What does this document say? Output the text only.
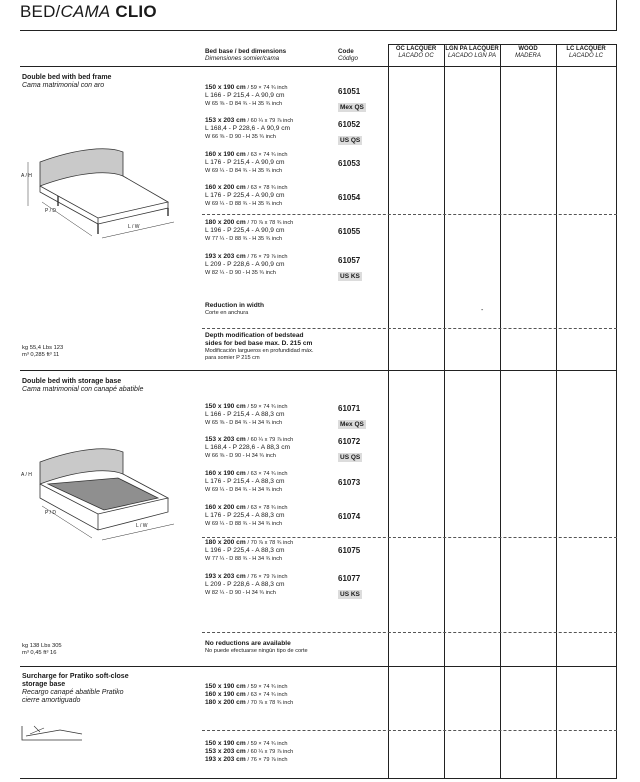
BED/CAMA CLIO
Bed base / bed dimensions
Dimensiones somier/cama
Code
Código
OC LACQUER
LACADO OC
LGN PA LACQUER
LACADO LGN PA
WOOD
MADERA
LC LACQUER
LACADO LC
Double bed with bed frame
Cama matrimonial con aro
A / H
P / D
L / W
kg 55,4 Lbs 123
m³ 0,285 ft³ 11
150 x 190 cm / 59 × 74 ¾ inch
L 166 - P 215,4 - A 90,9 cm
W 65 ⅜ - D 84 ¾ - H 35 ¾ inch
61051
Mex QS
153 x 203 cm / 60 ¼ x 79 ⅞ inch
L 168,4 - P 228,6 - A 90,9 cm
W 66 ⅜ - D 90 - H 35 ¾ inch
61052
US QS
160 x 190 cm / 63 × 74 ¾ inch
L 176 - P 215,4 - A 90,9 cm
W 69 ¼ - D 84 ¾ - H 35 ¾ inch
61053
160 x 200 cm / 63 × 78 ¾ inch
L 176 - P 225,4 - A 90,9 cm
W 69 ¼ - D 88 ¾ - H 35 ¾ inch
61054
180 x 200 cm / 70 ⅞ x 78 ¾ inch
L 196 - P 225,4 - A 90,9 cm
W 77 ¼ - D 88 ¾ - H 35 ¾ inch
61055
193 x 203 cm / 76 × 79 ⅞ inch
L 209 - P 228,6 - A 90,9 cm
W 82 ¼ - D 90 - H 35 ¾ inch
61057
US KS
Reduction in width
Corte en anchura	-
Depth modification of bedstead
sides for bed base max. D. 215 cm
Modificación largueros en profundidad máx.
para somier P 215 cm
Double bed with storage base
Cama matrimonial con canapé abatible
A / H
P / D
L / W
kg 138 Lbs 305
m³ 0,45 ft³ 16
150 x 190 cm / 59 × 74 ¾ inch
L 166 - P 215,4 - A 88,3 cm
W 65 ⅜ - D 84 ¾ - H 34 ¾ inch
61071
Mex QS
153 x 203 cm / 60 ¼ x 79 ⅞ inch
L 168,4 - P 228,6 - A 88,3 cm
W 66 ⅜ - D 90 - H 34 ¾ inch
61072
US QS
160 x 190 cm / 63 × 74 ¾ inch
L 176 - P 215,4 - A 88,3 cm
W 69 ¼ - D 84 ¾ - H 34 ¾ inch
61073
160 x 200 cm / 63 × 78 ¾ inch
L 176 - P 225,4 - A 88,3 cm
W 69 ¼ - D 88 ¾ - H 34 ¾ inch
61074
180 x 200 cm / 70 ⅞ x 78 ¾ inch
L 196 - P 225,4 - A 88,3 cm
W 77 ¼ - D 88 ¾ - H 34 ¾ inch
61075
193 x 203 cm / 76 × 79 ⅞ inch
L 209 - P 228,6 - A 88,3 cm
W 82 ¼ - D 90 - H 34 ¾ inch
61077
US KS
No reductions are available
No puede efectuarse ningún tipo de corte
Surcharge for Pratiko soft-close
storage base
Recargo canapé abatible Pratiko
cierre amortiguado
150 x 190 cm / 59 × 74 ¾ inch
160 x 190 cm / 63 × 74 ¾ inch
180 x 200 cm / 70 ⅞ x 78 ¾ inch
150 x 190 cm / 59 × 74 ¾ inch
153 x 203 cm / 60 ¼ x 79 ⅞ inch
193 x 203 cm / 76 × 79 ⅞ inch
